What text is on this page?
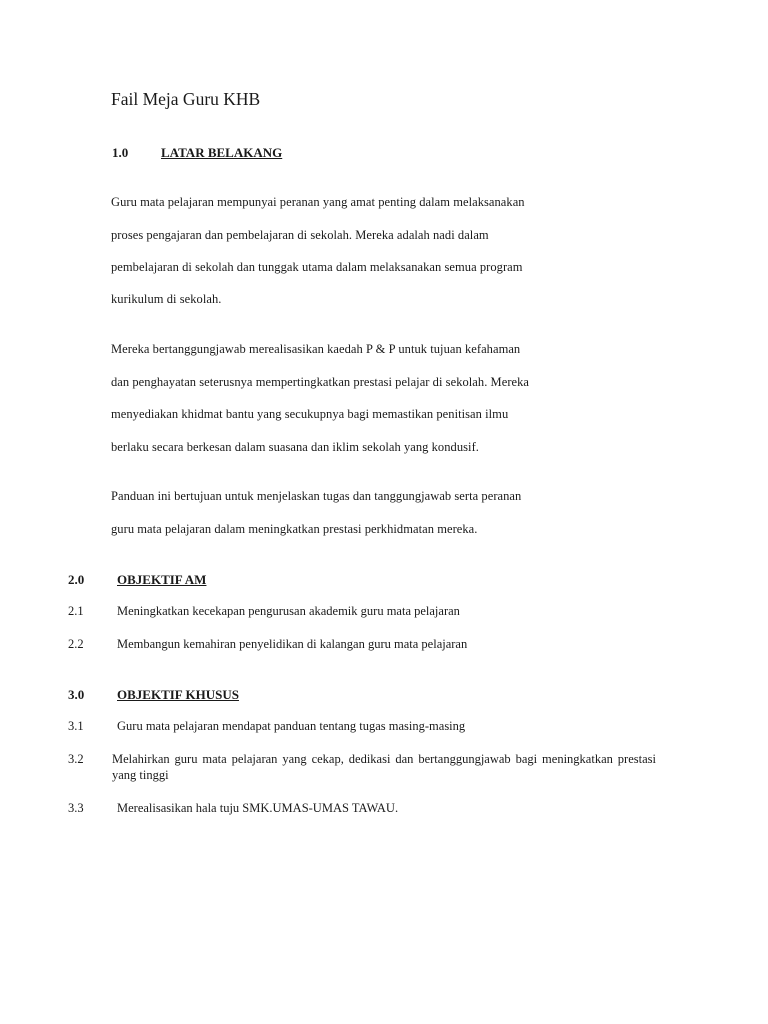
Fail Meja Guru KHB
1.0	LATAR BELAKANG
Guru mata pelajaran mempunyai peranan yang amat penting dalam melaksanakan
proses pengajaran dan pembelajaran di sekolah. Mereka adalah nadi dalam
pembelajaran di sekolah dan tunggak utama dalam melaksanakan semua program
kurikulum di sekolah.
Mereka bertanggungjawab merealisasikan kaedah P & P untuk tujuan kefahaman
dan penghayatan seterusnya mempertingkatkan prestasi pelajar di sekolah. Mereka
menyediakan khidmat bantu yang secukupnya bagi memastikan penitisan ilmu
berlaku secara berkesan dalam suasana dan iklim sekolah yang kondusif.
Panduan ini bertujuan untuk menjelaskan tugas dan tanggungjawab serta peranan
guru mata pelajaran dalam meningkatkan prestasi perkhidmatan mereka.
2.0	OBJEKTIF AM
2.1	Meningkatkan kecekapan pengurusan akademik guru mata pelajaran
2.2	Membangun kemahiran penyelidikan di kalangan guru mata pelajaran
3.0	OBJEKTIF KHUSUS
3.1	Guru mata pelajaran mendapat panduan tentang tugas masing-masing
3.2 Melahirkan guru mata pelajaran yang cekap, dedikasi dan bertanggungjawab bagi meningkatkan prestasi yang tinggi
3.3	Merealisasikan hala tuju SMK.UMAS-UMAS TAWAU.
